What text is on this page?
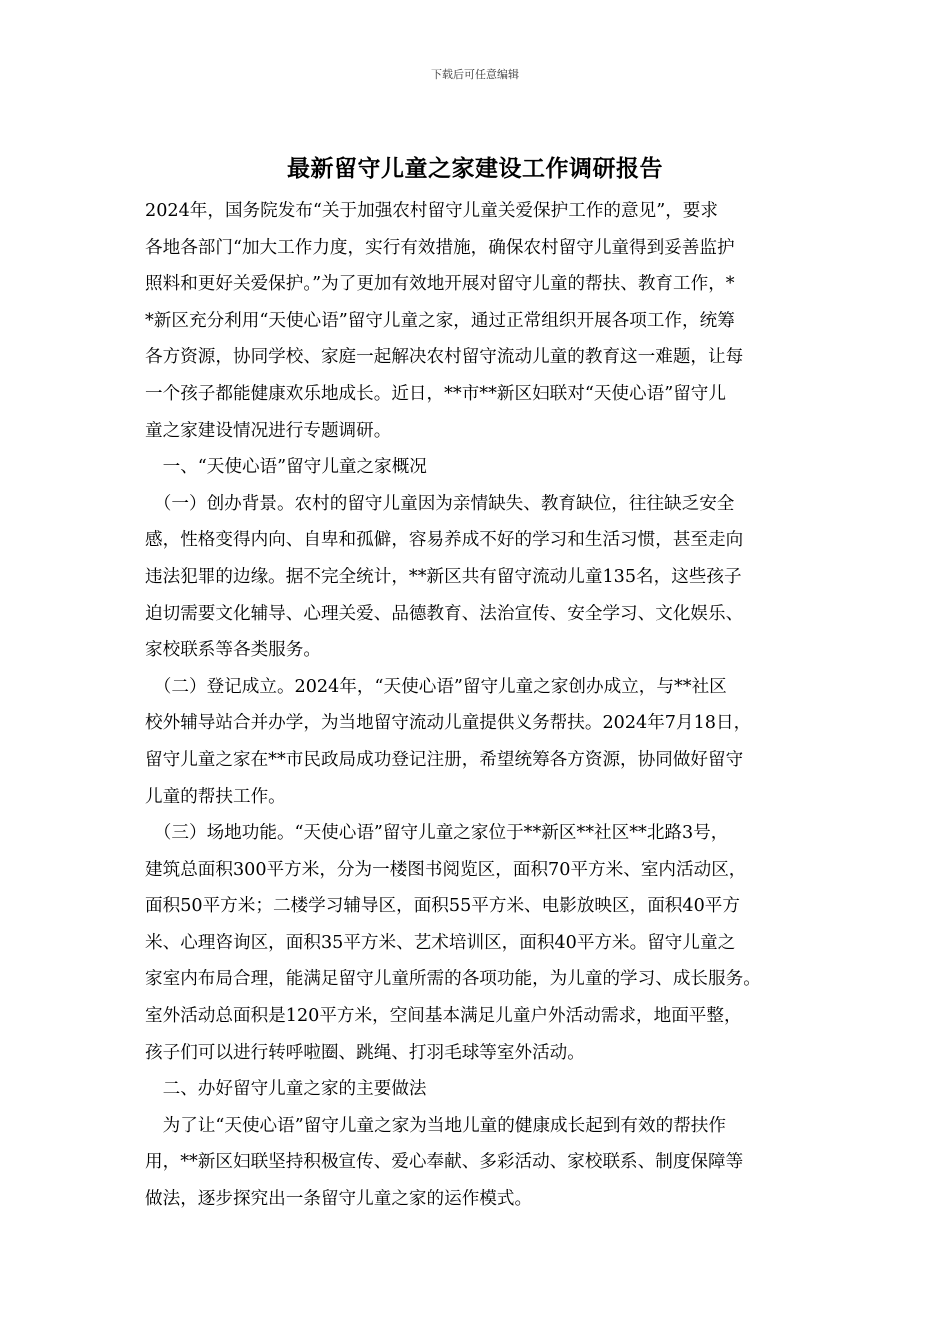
下载后可任意编辑
最新留守儿童之家建设工作调研报告
2024年，国务院发布“关于加强农村留守儿童关爱保护工作的意见”，要求
各地各部门“加大工作力度，实行有效措施，确保农村留守儿童得到妥善监护
照料和更好关爱保护。”为了更加有效地开展对留守儿童的帮扶、教育工作，*
*新区充分利用“天使心语”留守儿童之家，通过正常组织开展各项工作，统筹
各方资源，协同学校、家庭一起解决农村留守流动儿童的教育这一难题，让每
一个孩子都能健康欢乐地成长。近日，**市**新区妇联对“天使心语”留守儿
童之家建设情况进行专题调研。
　一、“天使心语”留守儿童之家概况
　（一）创办背景。农村的留守儿童因为亲情缺失、教育缺位，往往缺乏安全
感，性格变得内向、自卑和孤僻，容易养成不好的学习和生活习惯，甚至走向
违法犯罪的边缘。据不完全统计，**新区共有留守流动儿童135名，这些孩子
迫切需要文化辅导、心理关爱、品德教育、法治宣传、安全学习、文化娱乐、
家校联系等各类服务。
　（二）登记成立。2024年，“天使心语”留守儿童之家创办成立，与**社区
校外辅导站合并办学，为当地留守流动儿童提供义务帮扶。2024年7月18日，
留守儿童之家在**市民政局成功登记注册，希望统筹各方资源，协同做好留守
儿童的帮扶工作。
　（三）场地功能。“天使心语”留守儿童之家位于**新区**社区**北路3号，
建筑总面积300平方米，分为一楼图书阅览区，面积70平方米、室内活动区，
面积50平方米；二楼学习辅导区，面积55平方米、电影放映区，面积40平方
米、心理咨询区，面积35平方米、艺术培训区，面积40平方米。留守儿童之
家室内布局合理，能满足留守儿童所需的各项功能，为儿童的学习、成长服务。
室外活动总面积是120平方米，空间基本满足儿童户外活动需求，地面平整，
孩子们可以进行转呼啦圈、跳绳、打羽毛球等室外活动。
　二、办好留守儿童之家的主要做法
　为了让“天使心语”留守儿童之家为当地儿童的健康成长起到有效的帮扶作
用，**新区妇联坚持积极宣传、爱心奉献、多彩活动、家校联系、制度保障等
做法，逐步探究出一条留守儿童之家的运作模式。
